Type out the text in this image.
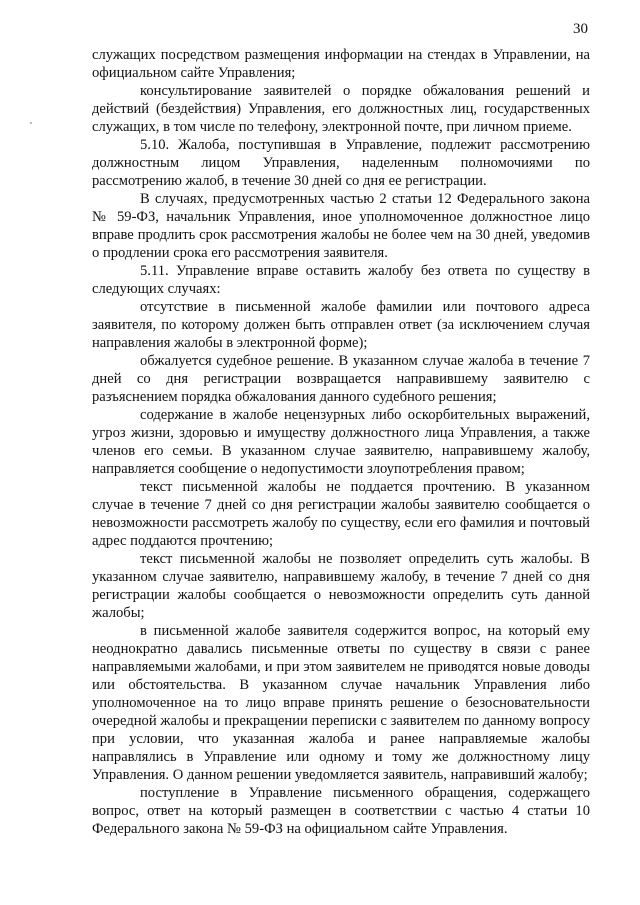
30

служащих посредством размещения информации на стендах в Управлении, на официальном сайте Управления;

консультирование заявителей о порядке обжалования решений и действий (бездействия) Управления, его должностных лиц, государственных служащих, в том числе по телефону, электронной почте, при личном приеме.

5.10. Жалоба, поступившая в Управление, подлежит рассмотрению должностным лицом Управления, наделенным полномочиями по рассмотрению жалоб, в течение 30 дней со дня ее регистрации.

В случаях, предусмотренных частью 2 статьи 12 Федерального закона № 59-ФЗ, начальник Управления, иное уполномоченное должностное лицо вправе продлить срок рассмотрения жалобы не более чем на 30 дней, уведомив о продлении срока его рассмотрения заявителя.

5.11. Управление вправе оставить жалобу без ответа по существу в следующих случаях:

отсутствие в письменной жалобе фамилии или почтового адреса заявителя, по которому должен быть отправлен ответ (за исключением случая направления жалобы в электронной форме);

обжалуется судебное решение. В указанном случае жалоба в течение 7 дней со дня регистрации возвращается направившему заявителю с разъяснением порядка обжалования данного судебного решения;

содержание в жалобе нецензурных либо оскорбительных выражений, угроз жизни, здоровью и имуществу должностного лица Управления, а также членов его семьи. В указанном случае заявителю, направившему жалобу, направляется сообщение о недопустимости злоупотребления правом;

текст письменной жалобы не поддается прочтению. В указанном случае в течение 7 дней со дня регистрации жалобы заявителю сообщается о невозможности рассмотреть жалобу по существу, если его фамилия и почтовый адрес поддаются прочтению;

текст письменной жалобы не позволяет определить суть жалобы. В указанном случае заявителю, направившему жалобу, в течение 7 дней со дня регистрации жалобы сообщается о невозможности определить суть данной жалобы;

в письменной жалобе заявителя содержится вопрос, на который ему неоднократно давались письменные ответы по существу в связи с ранее направляемыми жалобами, и при этом заявителем не приводятся новые доводы или обстоятельства. В указанном случае начальник Управления либо уполномоченное на то лицо вправе принять решение о безосновательности очередной жалобы и прекращении переписки с заявителем по данному вопросу при условии, что указанная жалоба и ранее направляемые жалобы направлялись в Управление или одному и тому же должностному лицу Управления. О данном решении уведомляется заявитель, направивший жалобу;

поступление в Управление письменного обращения, содержащего вопрос, ответ на который размещен в соответствии с частью 4 статьи 10 Федерального закона № 59-ФЗ на официальном сайте Управления.
